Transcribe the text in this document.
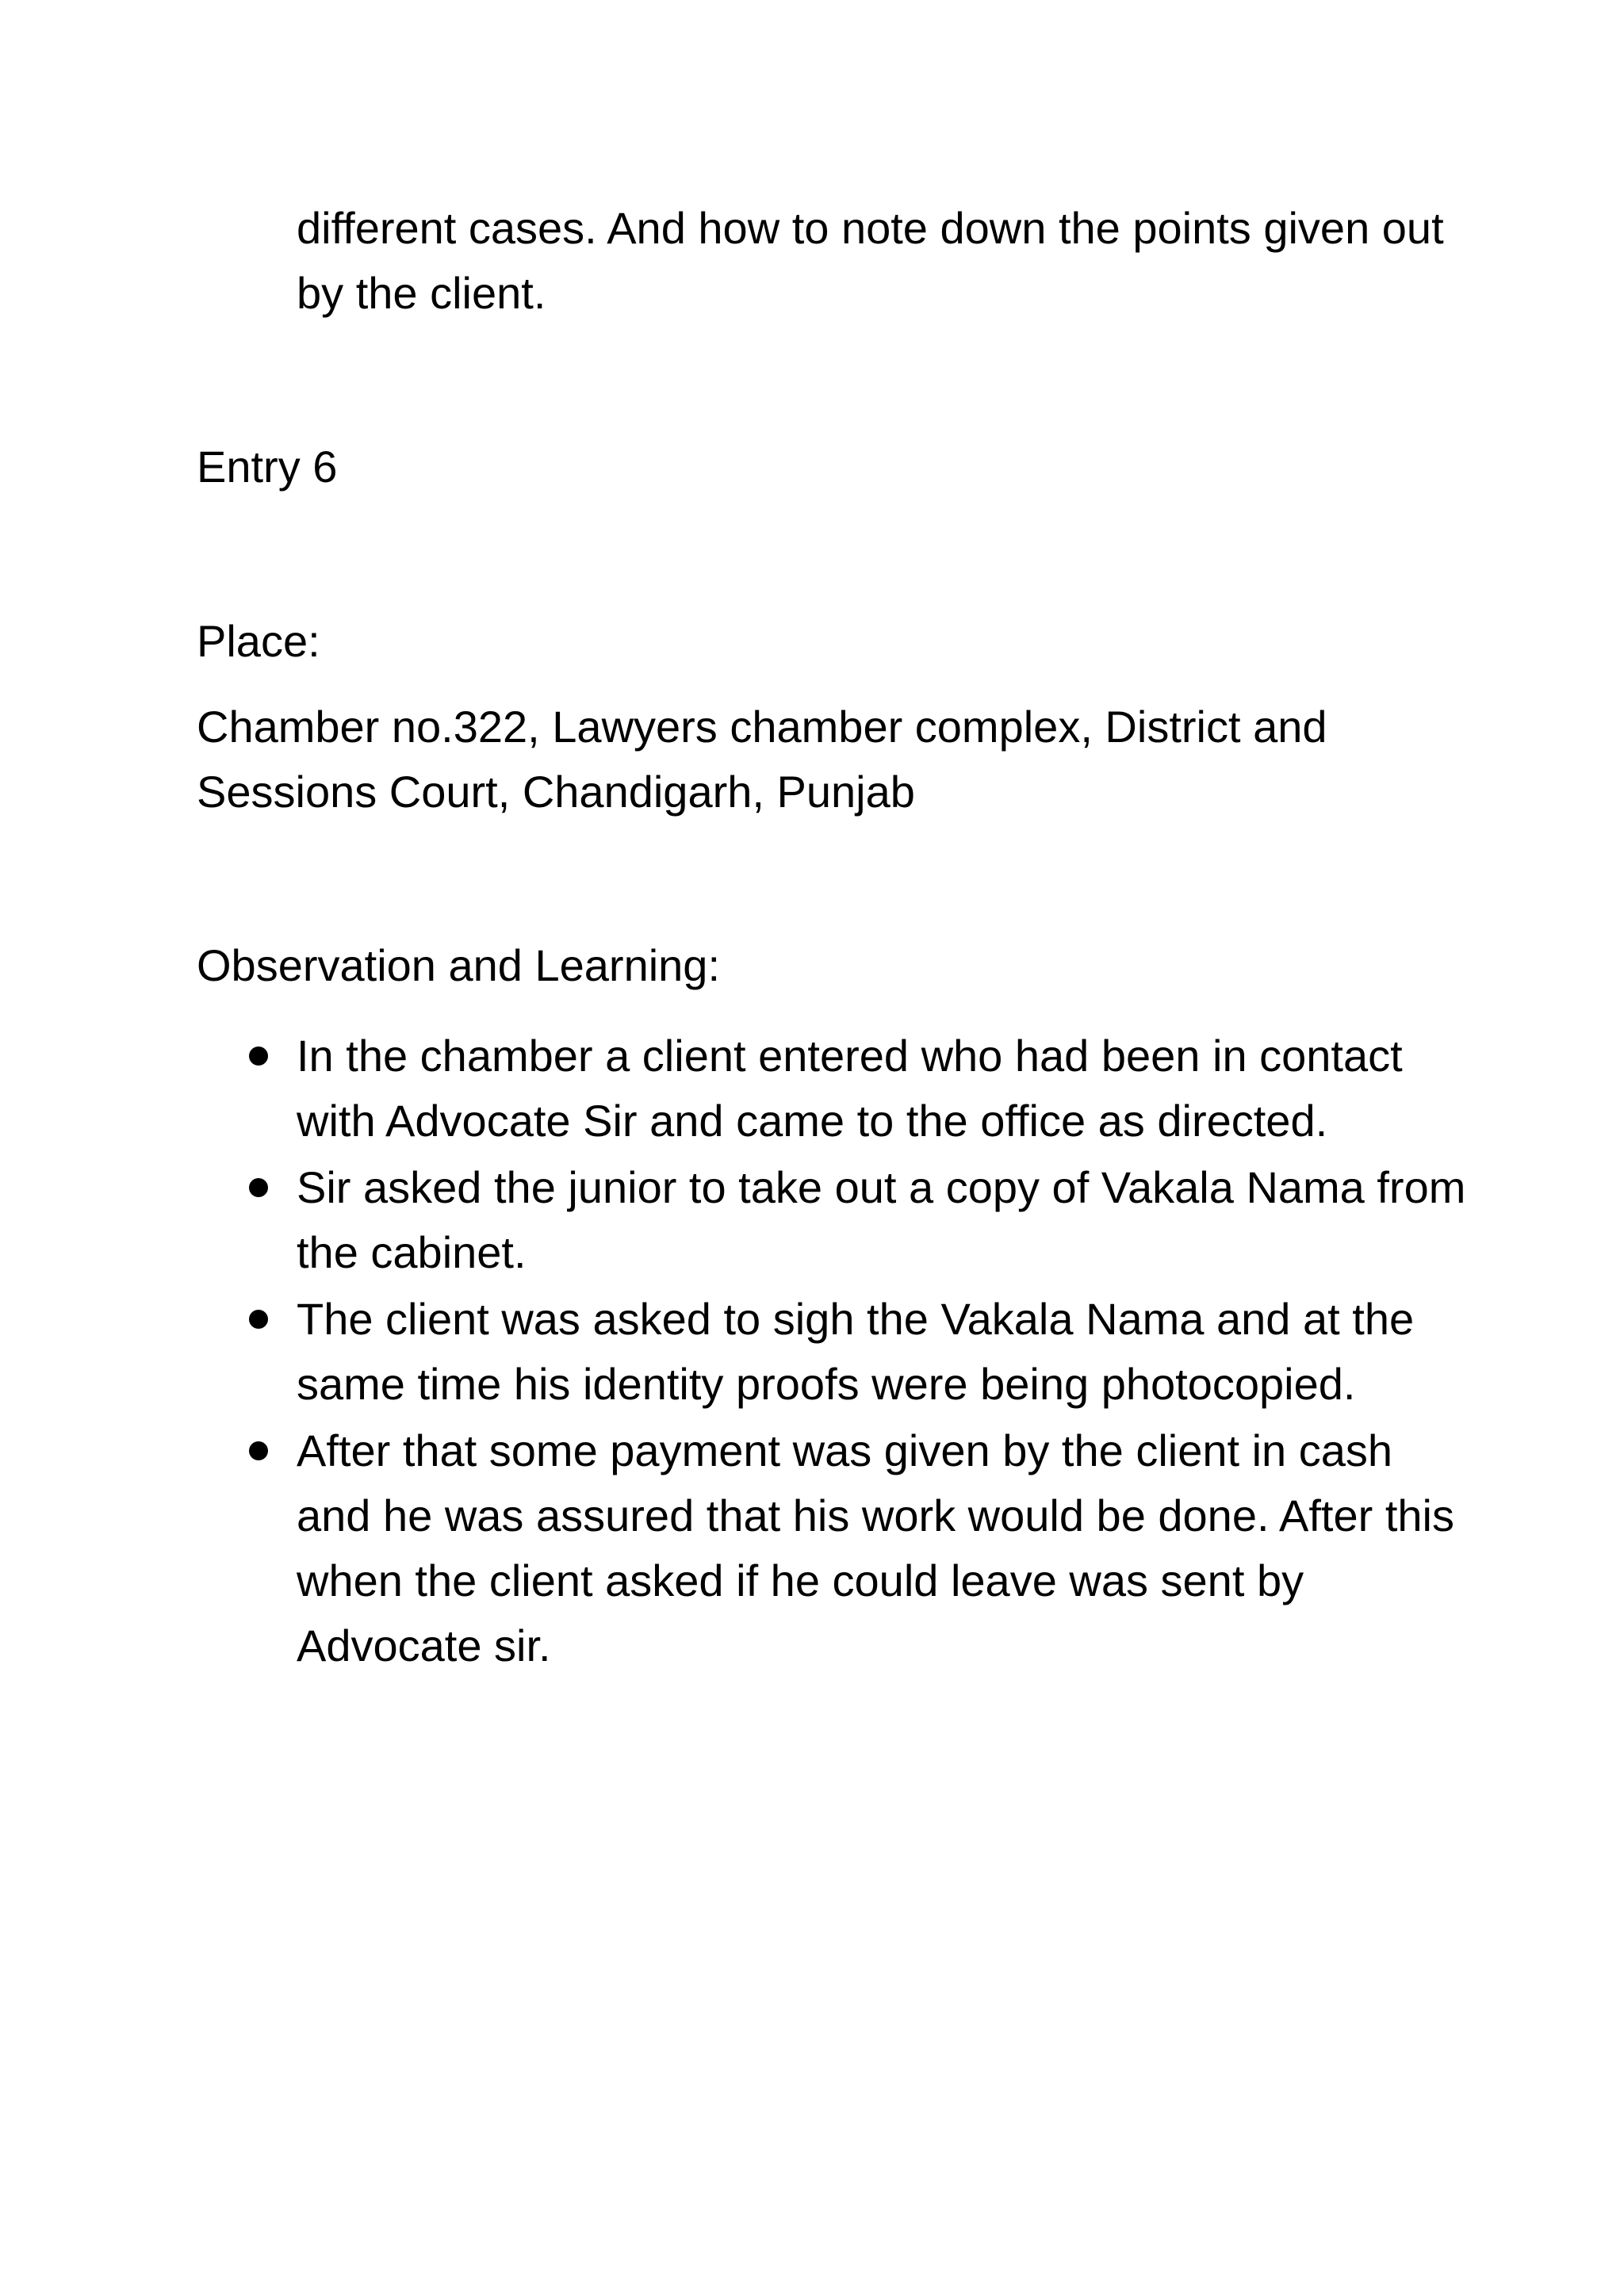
different cases. And how to note down the points given out by the client.

Entry 6

Place:

Chamber no.322, Lawyers chamber complex, District and Sessions Court, Chandigarh, Punjab

Observation and Learning:

In the chamber a client entered who had been in contact with Advocate Sir and came to the office as directed.
Sir asked the junior to take out a copy of Vakala Nama from the cabinet.
The client was asked to sigh the Vakala Nama and at the same time his identity proofs were being photocopied.
After that some payment was given by the client in cash and he was assured that his work would be done. After this when the client asked if he could leave was sent by Advocate sir.
